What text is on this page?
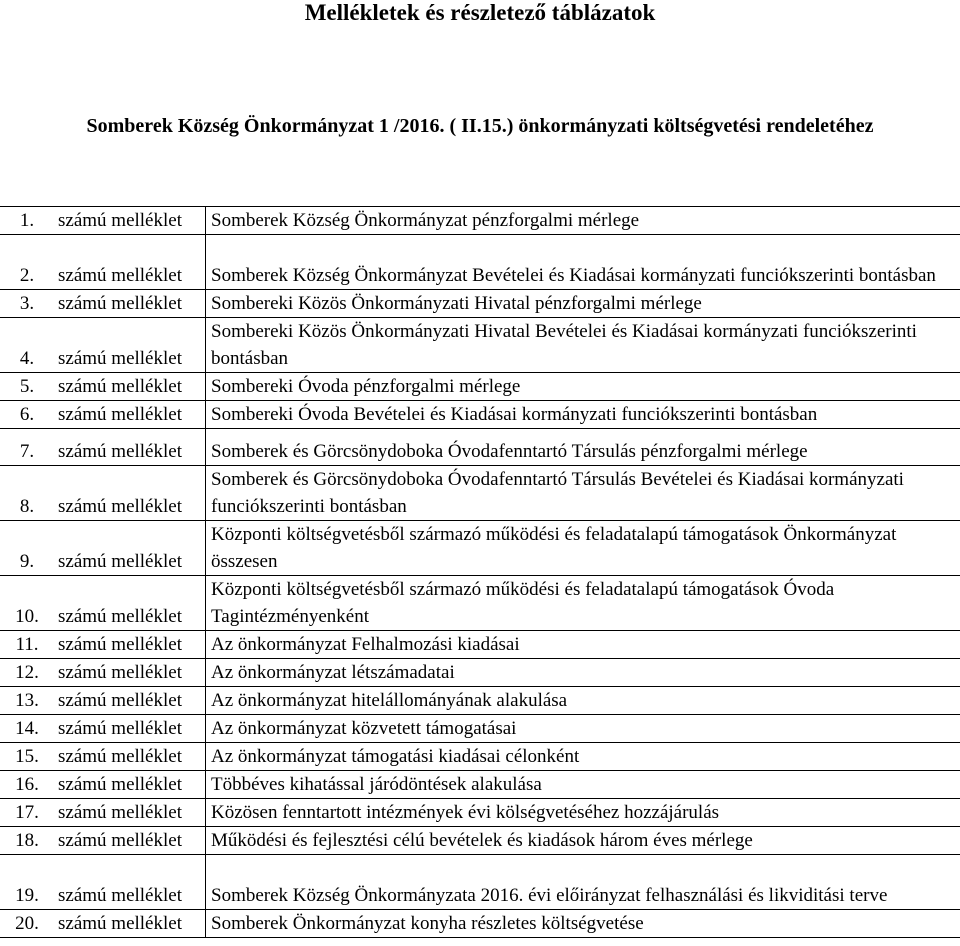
Mellékletek és részletező táblázatok
Somberek Község Önkormányzat 1 /2016. ( II.15.) önkormányzati költségvetési rendeletéhez
1.	számú melléklet	Somberek Község Önkormányzat pénzforgalmi mérlege
2.	számú melléklet	Somberek Község Önkormányzat Bevételei és Kiadásai kormányzati funciókszerinti bontásban
3.	számú melléklet	Sombereki Közös Önkormányzati Hivatal pénzforgalmi mérlege
4.	számú melléklet	Sombereki Közös Önkormányzati Hivatal Bevételei és Kiadásai kormányzati funciókszerinti bontásban
5.	számú melléklet	Sombereki Óvoda pénzforgalmi mérlege
6.	számú melléklet	Sombereki Óvoda Bevételei és Kiadásai kormányzati funciókszerinti bontásban
7.	számú melléklet	Somberek és Görcsönydoboka Óvodafenntartó Társulás pénzforgalmi mérlege
8.	számú melléklet	Somberek és Görcsönydoboka Óvodafenntartó Társulás Bevételei és Kiadásai kormányzati funciókszerinti bontásban
9.	számú melléklet	Központi költségvetésből származó működési és feladatalapú támogatások Önkormányzat összesen
10.	számú melléklet	Központi költségvetésből származó működési és feladatalapú támogatások Óvoda Tagintézményenként
11.	számú melléklet	Az önkormányzat Felhalmozási kiadásai
12.	számú melléklet	Az önkormányzat létszámadatai
13.	számú melléklet	Az önkormányzat hitelállományának alakulása
14.	számú melléklet	Az önkormányzat közvetett támogatásai
15.	számú melléklet	Az önkormányzat támogatási kiadásai célonként
16.	számú melléklet	Többéves kihatással járódöntések alakulása
17.	számú melléklet	Közösen fenntartott intézmények évi kölségvetéséhez hozzájárulás
18.	számú melléklet	Működési és fejlesztési célú bevételek és kiadások három éves mérlege
19.	számú melléklet	Somberek Község Önkormányzata 2016. évi előirányzat felhasználási és likviditási terve
20.	számú melléklet	Somberek Önkormányzat konyha részletes költségvetése
